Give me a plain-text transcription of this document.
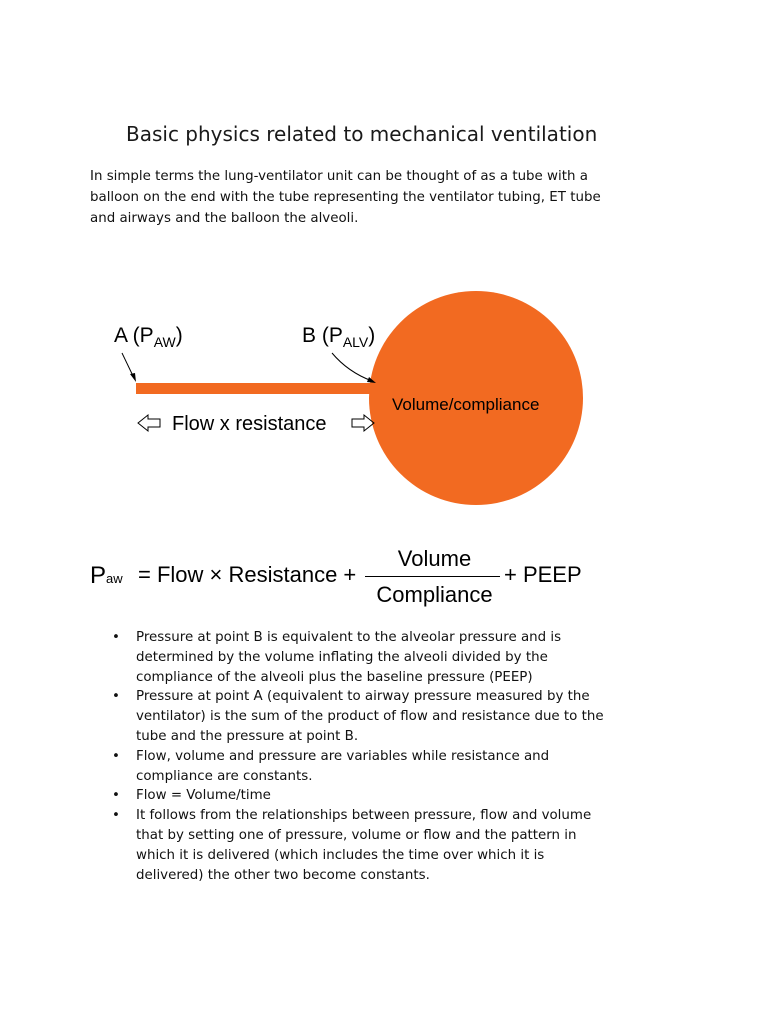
Basic physics related to mechanical ventilation
In simple terms the lung-ventilator unit can be thought of as a tube with a
balloon on the end with the tube representing the ventilator tubing, ET tube
and airways and the balloon the alveoli.
A $(P_{AW})$	B $(P_{ALV})$
Volume/compliance
Flow x resistance
Paw = Flow × Resistance +
Volume
Compliance
+ PEEP
• Pressure at point B is equivalent to the alveolar pressure and is
determined by the volume inflating the alveoli divided by the
compliance of the alveoli plus the baseline pressure (PEEP)
• Pressure at point A (equivalent to airway pressure measured by the
ventilator) is the sum of the product of flow and resistance due to the
tube and the pressure at point B.
• Flow, volume and pressure are variables while resistance and
compliance are constants.
• Flow = Volume/time
• It follows from the relationships between pressure, flow and volume
that by setting one of pressure, volume or flow and the pattern in
which it is delivered (which includes the time over which it is
delivered) the other two become constants.
